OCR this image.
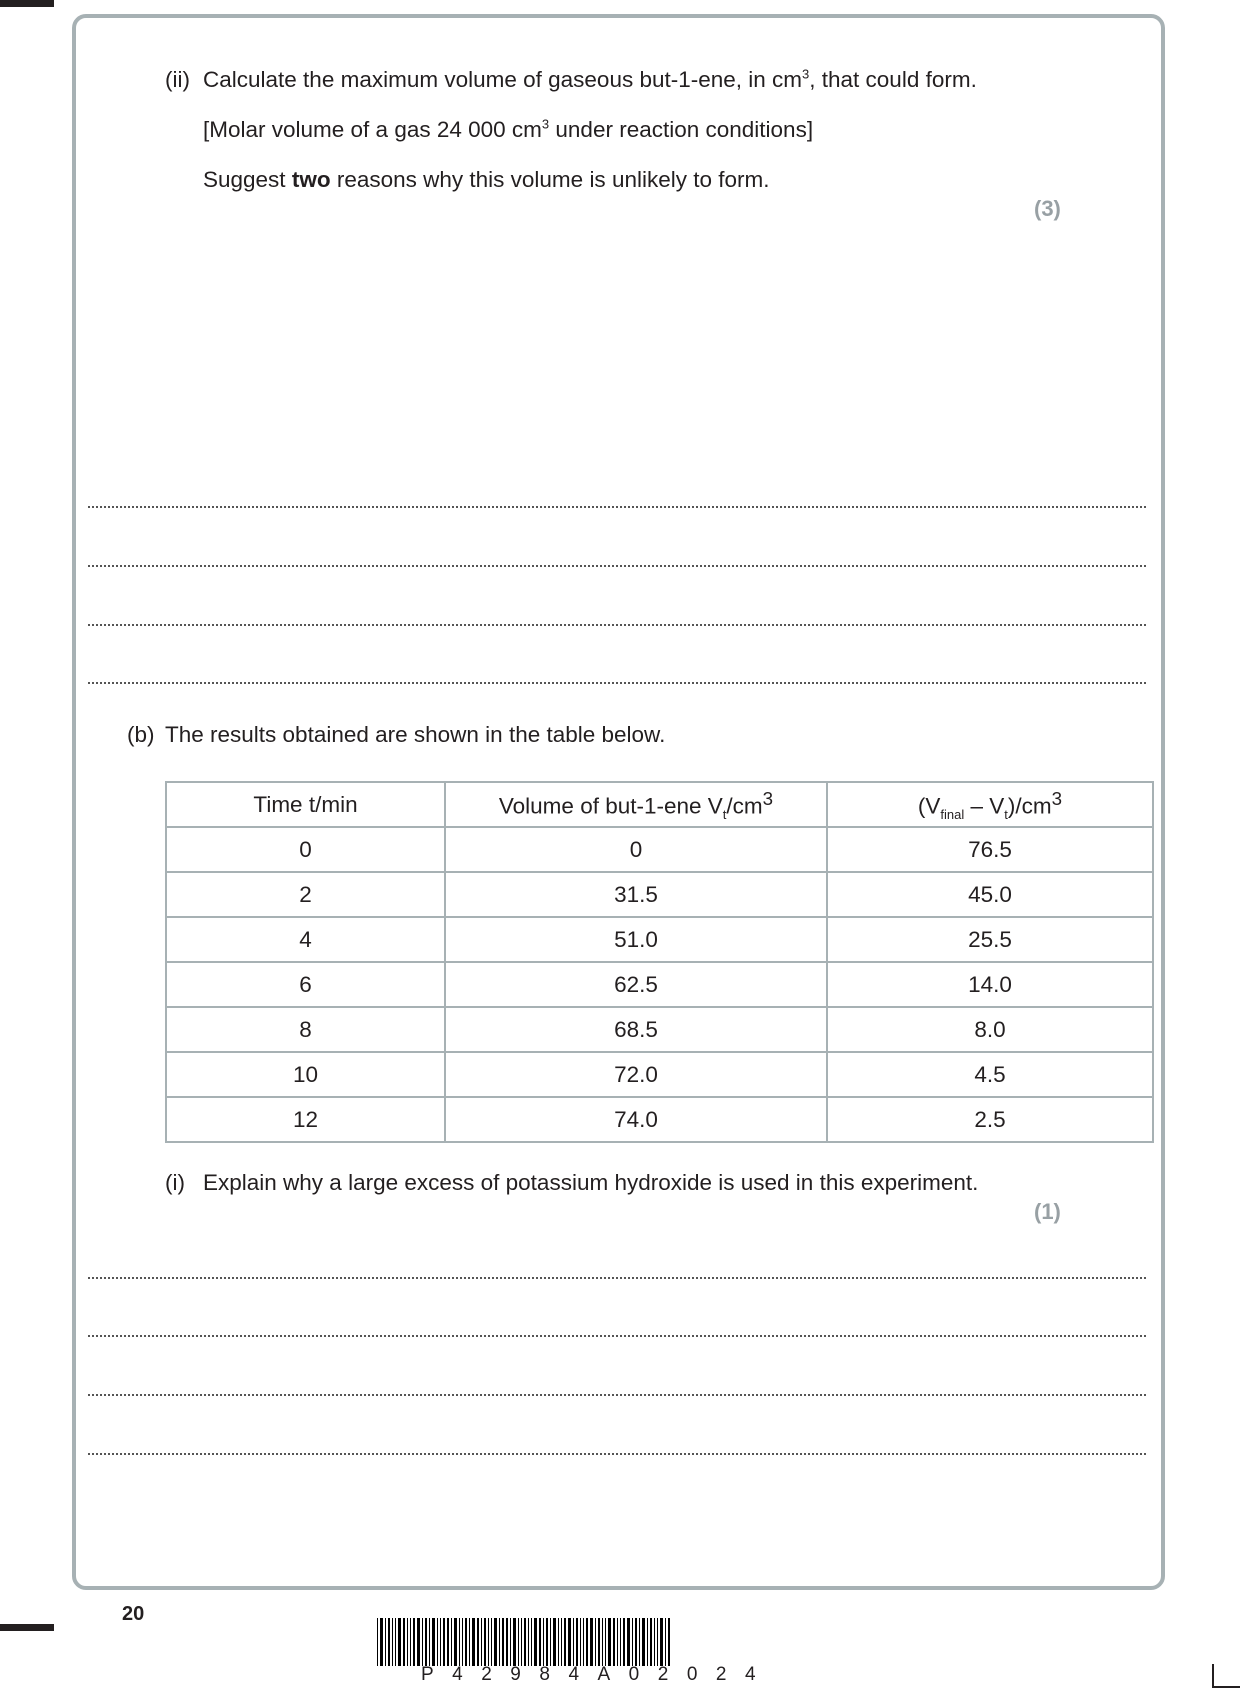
(ii) Calculate the maximum volume of gaseous but-1-ene, in $cm^3$, that could form.
[Molar volume of a gas 24 000 $cm^3$ under reaction conditions]
Suggest two reasons why this volume is unlikely to form.
(3)
(b) The results obtained are shown in the table below.
Time t/min	Volume of but-1-ene $V_t/cm^3$	$(V_{final} - V_t)/cm^3$
0	0	76.5
2	31.5	45.0
4	51.0	25.5
6	62.5	14.0
8	68.5	8.0
10	72.0	4.5
12	74.0	2.5
(i) Explain why a large excess of potassium hydroxide is used in this experiment.
(1)
20
P42984A02024
